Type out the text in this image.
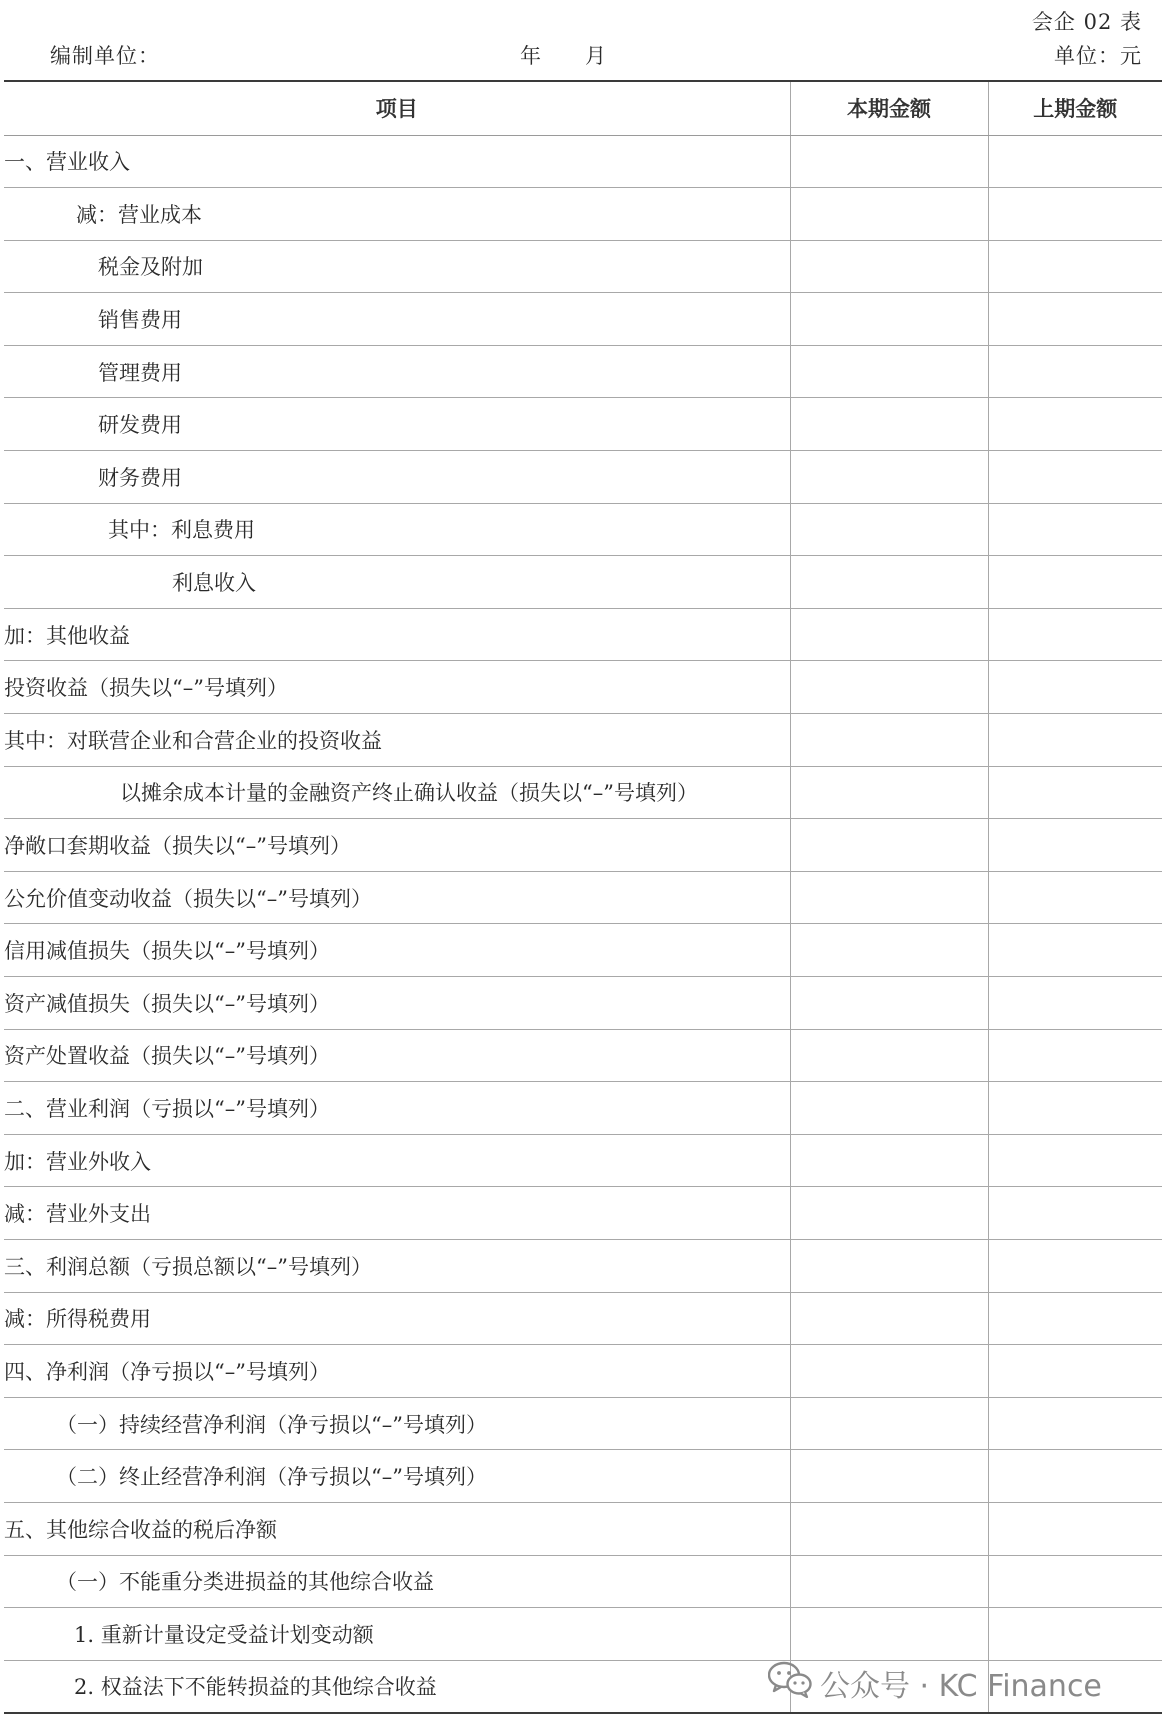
会企 02 表
编制单位：	年 月	单位：元
项目	本期金额	上期金额
一、营业收入		
减：营业成本		
税金及附加		
销售费用		
管理费用		
研发费用		
财务费用		
其中：利息费用		
利息收入		
加：其他收益		
投资收益（损失以“–”号填列）		
其中：对联营企业和合营企业的投资收益		
以摊余成本计量的金融资产终止确认收益（损失以“–”号填列）		
净敞口套期收益（损失以“–”号填列）		
公允价值变动收益（损失以“–”号填列）		
信用减值损失（损失以“–”号填列）		
资产减值损失（损失以“–”号填列）		
资产处置收益（损失以“–”号填列）		
二、营业利润（亏损以“–”号填列）		
加：营业外收入		
减：营业外支出		
三、利润总额（亏损总额以“–”号填列）		
减：所得税费用		
四、净利润（净亏损以“–”号填列）		
（一）持续经营净利润（净亏损以“–”号填列）		
（二）终止经营净利润（净亏损以“–”号填列）		
五、其他综合收益的税后净额		
（一）不能重分类进损益的其他综合收益		
1. 重新计量设定受益计划变动额		
2. 权益法下不能转损益的其他综合收益			公众号 · KC Finance
